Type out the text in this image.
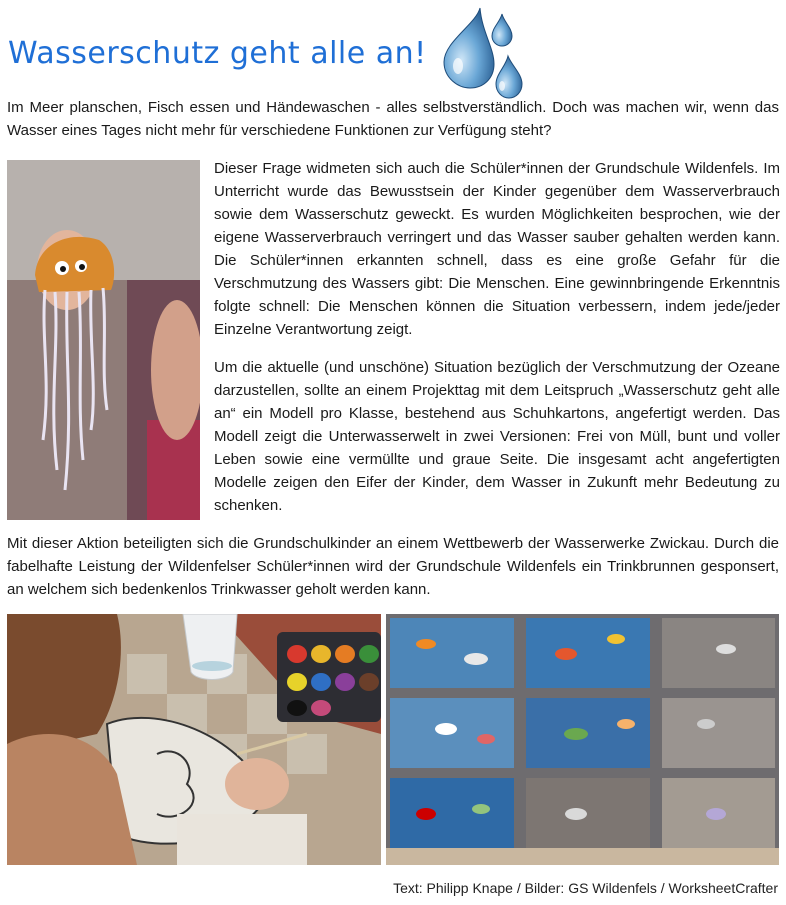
Wasserschutz geht alle an!

Im Meer planschen, Fisch essen und Händewaschen - alles selbstverständlich. Doch was machen wir, wenn das Wasser eines Tages nicht mehr für verschiedene Funktionen zur Verfügung steht?

Dieser Frage widmeten sich auch die Schüler*innen der Grundschule Wildenfels. Im Unterricht wurde das Bewusstsein der Kinder gegenüber dem Wasserverbrauch sowie dem Wasserschutz geweckt. Es wurden Möglichkeiten besprochen, wie der eigene Wasserverbrauch verringert und das Wasser sauber gehalten werden kann. Die Schüler*innen erkannten schnell, dass es eine große Gefahr für die Verschmutzung des Wassers gibt: Die Menschen. Eine gewinnbringende Erkenntnis folgte schnell: Die Menschen können die Situation verbessern, indem jede/jeder Einzelne Verantwortung zeigt.

Um die aktuelle (und unschöne) Situation bezüglich der Verschmutzung der Ozeane darzustellen, sollte an einem Projekttag mit dem Leitspruch „Wasserschutz geht alle an“ ein Modell pro Klasse, bestehend aus Schuhkartons, angefertigt werden. Das Modell zeigt die Unterwasserwelt in zwei Versionen: Frei von Müll, bunt und voller Leben sowie eine vermüllte und graue Seite. Die insgesamt acht angefertigten Modelle zeigen den Eifer der Kinder, dem Wasser in Zukunft mehr Bedeutung zu schenken.

Mit dieser Aktion beteiligten sich die Grundschulkinder an einem Wettbewerb der Wasserwerke Zwickau. Durch die fabelhafte Leistung der Wildenfelser Schüler*innen wird der Grundschule Wildenfels ein Trinkbrunnen gesponsert, an welchem sich bedenkenlos Trinkwasser geholt werden kann.

Text: Philipp Knape / Bilder: GS Wildenfels / WorksheetCrafter
